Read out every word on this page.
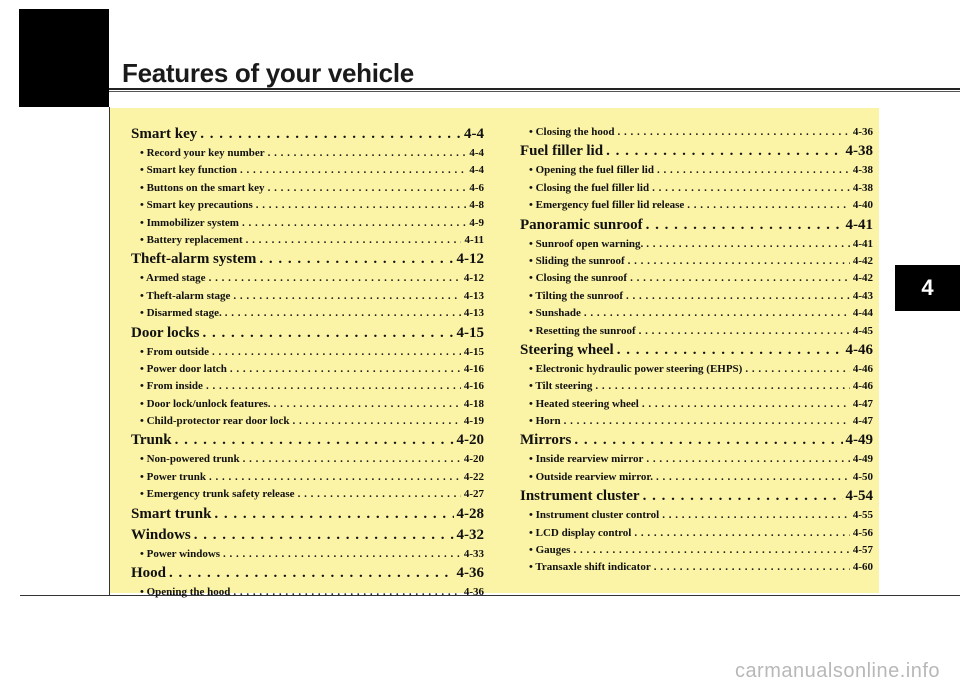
Features of your vehicle
4
Smart key . . .	4-4
• Record your key number . . .	4-4
• Smart key function . . .	4-4
• Buttons on the smart key . . .	4-6
• Smart key precautions . . .	4-8
• Immobilizer system . . .	4-9
• Battery replacement . . .	4-11
Theft-alarm system . . .	4-12
• Armed stage . . .	4-12
• Theft-alarm stage . . .	4-13
• Disarmed stage. . . .	4-13
Door locks . . .	4-15
• From outside . . .	4-15
• Power door latch . . .	4-16
• From inside . . .	4-16
• Door lock/unlock features. . . .	4-18
• Child-protector rear door lock . . .	4-19
Trunk . . .	4-20
• Non-powered trunk . . .	4-20
• Power trunk . . .	4-22
• Emergency trunk safety release . . .	4-27
Smart trunk . . .	4-28
Windows . . .	4-32
• Power windows . . .	4-33
Hood . . .	4-36
• Opening the hood . . .	4-36
• Closing the hood . . .	4-36
Fuel filler lid . . .	4-38
• Opening the fuel filler lid . . .	4-38
• Closing the fuel filler lid . . .	4-38
• Emergency fuel filler lid release . . .	4-40
Panoramic sunroof . . .	4-41
• Sunroof open warning. . . .	4-41
• Sliding the sunroof . . .	4-42
• Closing the sunroof . . .	4-42
• Tilting the sunroof . . .	4-43
• Sunshade . . .	4-44
• Resetting the sunroof . . .	4-45
Steering wheel . . .	4-46
• Electronic hydraulic power steering (EHPS) . . .	4-46
• Tilt steering . . .	4-46
• Heated steering wheel . . .	4-47
• Horn . . .	4-47
Mirrors . . .	4-49
• Inside rearview mirror . . .	4-49
• Outside rearview mirror. . . .	4-50
Instrument cluster . . .	4-54
• Instrument cluster control . . .	4-55
• LCD display control . . .	4-56
• Gauges . . .	4-57
• Transaxle shift indicator . . .	4-60
carmanualsonline.info
